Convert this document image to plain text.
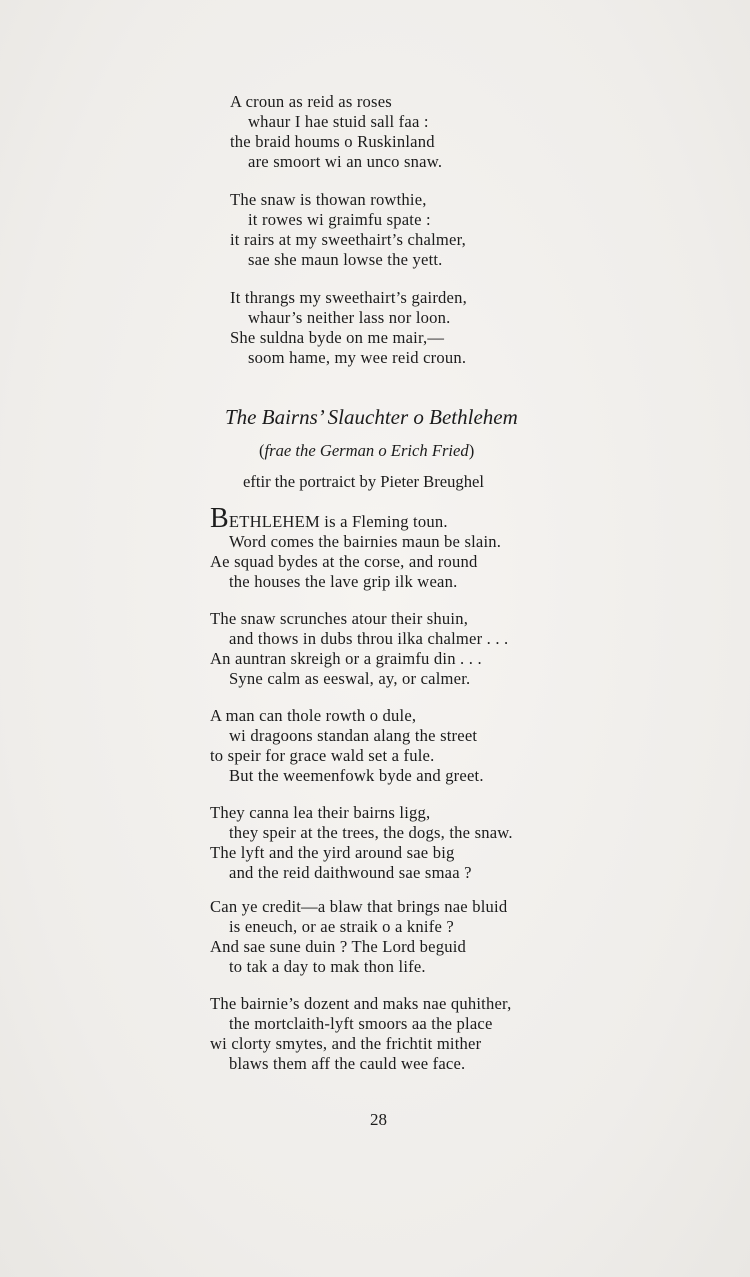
A croun as reid as roses
whaur I hae stuid sall faa :
the braid houms o Ruskinland
are smoort wi an unco snaw.
The snaw is thowan rowthie,
it rowes wi graimfu spate :
it rairs at my sweethairt’s chalmer,
sae she maun lowse the yett.
It thrangs my sweethairt’s gairden,
whaur’s neither lass nor loon.
She suldna byde on me mair,—
soom hame, my wee reid croun.
The Bairns’ Slauchter o Bethlehem
(frae the German o Erich Fried)
eftir the portraict by Pieter Breughel
BETHLEHEM is a Fleming toun.
Word comes the bairnies maun be slain.
Ae squad bydes at the corse, and round
the houses the lave grip ilk wean.
The snaw scrunches atour their shuin,
and thows in dubs throu ilka chalmer . . .
An auntran skreigh or a graimfu din . . .
Syne calm as eeswal, ay, or calmer.
A man can thole rowth o dule,
wi dragoons standan alang the street
to speir for grace wald set a fule.
But the weemenfowk byde and greet.
They canna lea their bairns ligg,
they speir at the trees, the dogs, the snaw.
The lyft and the yird around sae big
and the reid daithwound sae smaa ?
Can ye credit—a blaw that brings nae bluid
is eneuch, or ae straik o a knife ?
And sae sune duin ? The Lord beguid
to tak a day to mak thon life.
The bairnie’s dozent and maks nae quhither,
the mortclaith-lyft smoors aa the place
wi clorty smytes, and the frichtit mither
blaws them aff the cauld wee face.
28
